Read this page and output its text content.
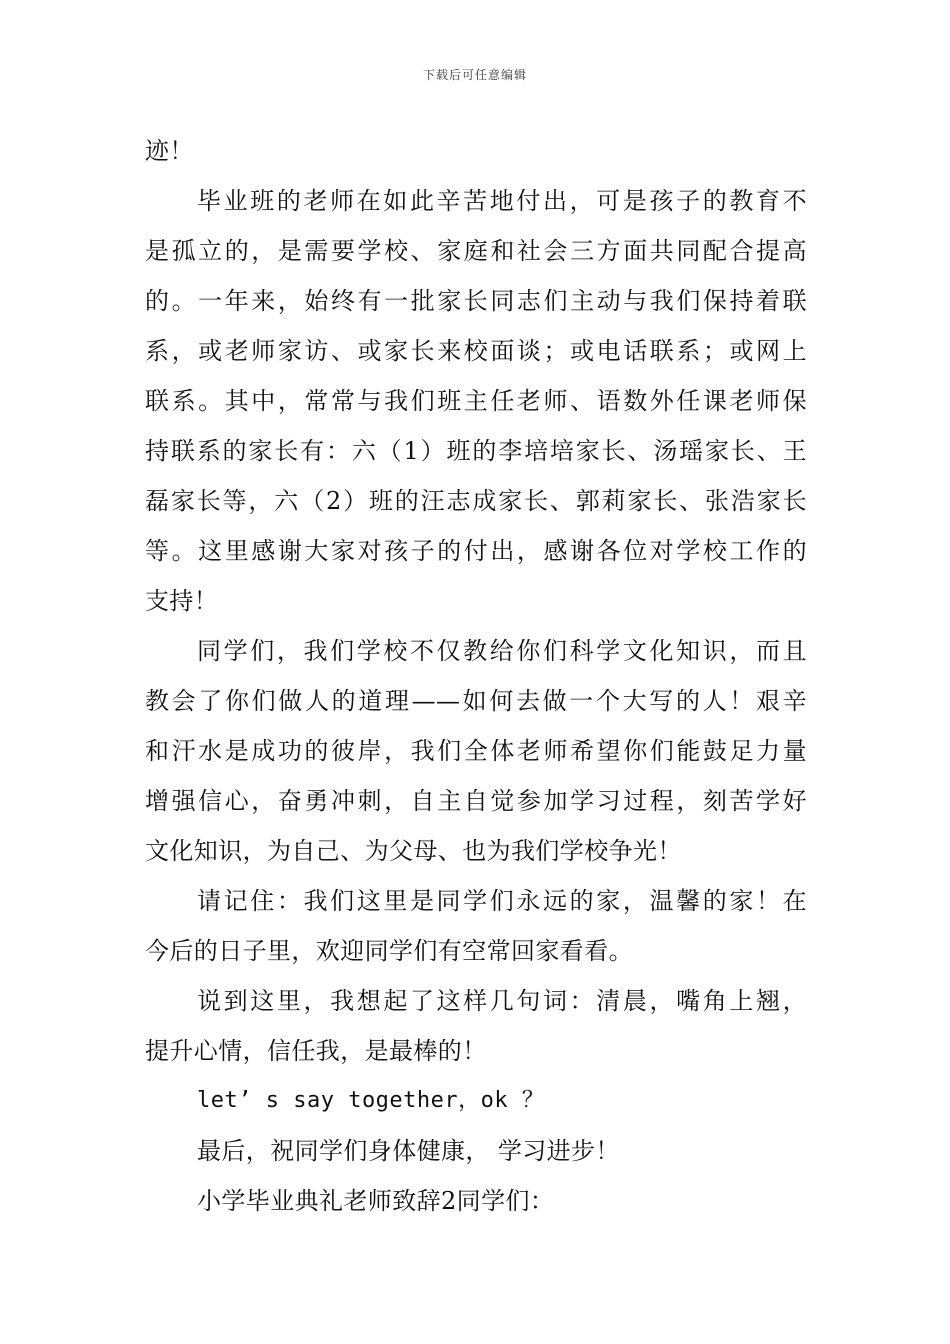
下载后可任意编辑
迹！
毕业班的老师在如此辛苦地付出，可是孩子的教育不
是孤立的，是需要学校、家庭和社会三方面共同配合提高
的。一年来，始终有一批家长同志们主动与我们保持着联
系，或老师家访、或家长来校面谈；或电话联系；或网上
联系。其中，常常与我们班主任老师、语数外任课老师保
持联系的家长有：六（1）班的李培培家长、汤瑶家长、王
磊家长等，六（2）班的汪志成家长、郭莉家长、张浩家长
等。这里感谢大家对孩子的付出，感谢各位对学校工作的
支持！
同学们，我们学校不仅教给你们科学文化知识，而且
教会了你们做人的道理——如何去做一个大写的人！艰辛
和汗水是成功的彼岸，我们全体老师希望你们能鼓足力量
增强信心，奋勇冲刺，自主自觉参加学习过程，刻苦学好
文化知识，为自己、为父母、也为我们学校争光！
请记住：我们这里是同学们永远的家，温馨的家！在
今后的日子里，欢迎同学们有空常回家看看。
说到这里，我想起了这样几句词：清晨，嘴角上翘，
提升心情，信任我，是最棒的！
let’ s say together，ok ？
最后，祝同学们身体健康， 学习进步！
小学毕业典礼老师致辞2同学们：
